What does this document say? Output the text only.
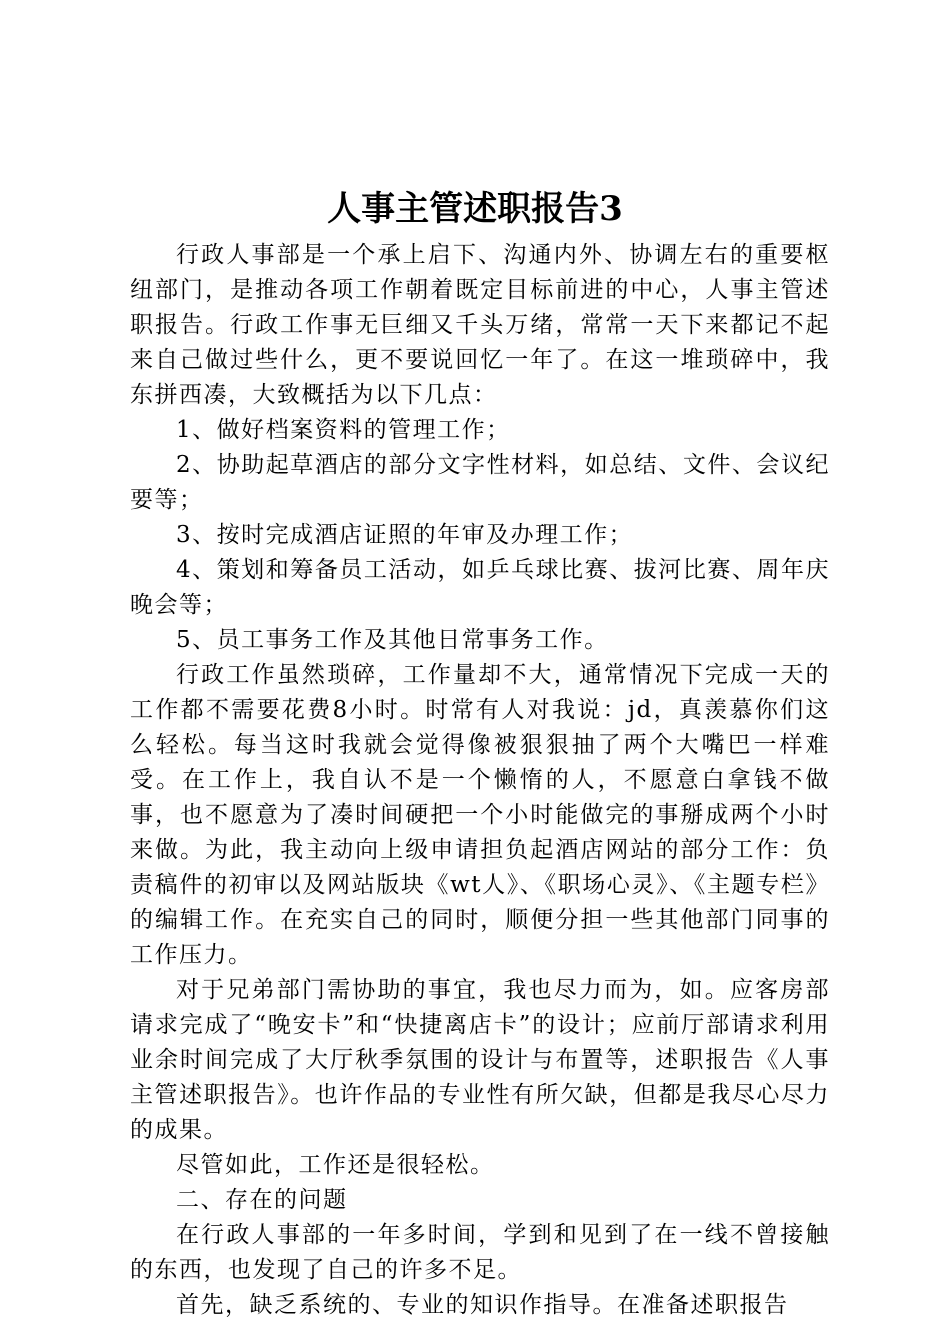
人事主管述职报告3

行政人事部是一个承上启下、沟通内外、协调左右的重要枢纽部门，是推动各项工作朝着既定目标前进的中心，人事主管述职报告。行政工作事无巨细又千头万绪，常常一天下来都记不起来自己做过些什么，更不要说回忆一年了。在这一堆琐碎中，我东拼西凑，大致概括为以下几点：

1、做好档案资料的管理工作；

2、协助起草酒店的部分文字性材料，如总结、文件、会议纪要等；

3、按时完成酒店证照的年审及办理工作；

4、策划和筹备员工活动，如乒乓球比赛、拔河比赛、周年庆晚会等；

5、员工事务工作及其他日常事务工作。

行政工作虽然琐碎，工作量却不大，通常情况下完成一天的工作都不需要花费8小时。时常有人对我说：jd，真羡慕你们这么轻松。每当这时我就会觉得像被狠狠抽了两个大嘴巴一样难受。在工作上，我自认不是一个懒惰的人，不愿意白拿钱不做事，也不愿意为了凑时间硬把一个小时能做完的事掰成两个小时来做。为此，我主动向上级申请担负起酒店网站的部分工作：负责稿件的初审以及网站版块《wt人》、《职场心灵》、《主题专栏》的编辑工作。在充实自己的同时，顺便分担一些其他部门同事的工作压力。

对于兄弟部门需协助的事宜，我也尽力而为，如。应客房部请求完成了“晚安卡”和“快捷离店卡”的设计；应前厅部请求利用业余时间完成了大厅秋季氛围的设计与布置等，述职报告《人事主管述职报告》。也许作品的专业性有所欠缺，但都是我尽心尽力的成果。

尽管如此，工作还是很轻松。

二、存在的问题

在行政人事部的一年多时间，学到和见到了在一线不曾接触的东西，也发现了自己的许多不足。

首先，缺乏系统的、专业的知识作指导。在准备述职报告
